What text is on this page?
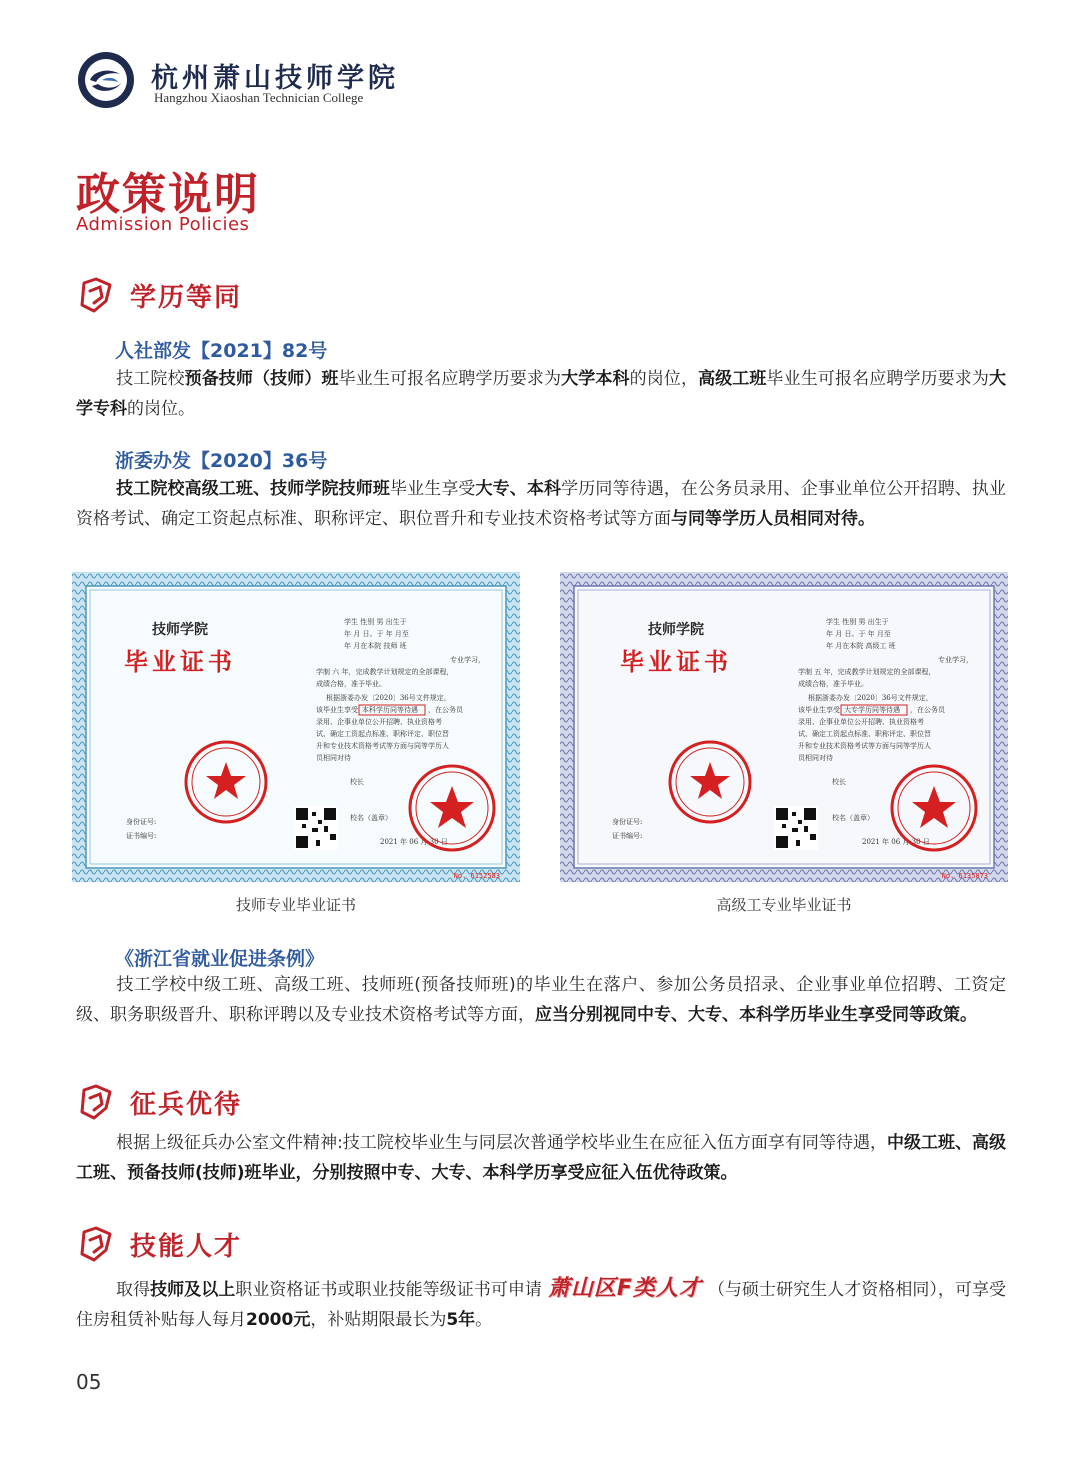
杭州萧山技师学院
Hangzhou Xiaoshan Technician College
政策说明
Admission Policies
学历等同
人社部发【2021】82号
技工院校预备技师（技师）班毕业生可报名应聘学历要求为大学本科的岗位，高级工班毕业生可报名应聘学历要求为大学专科的岗位。
浙委办发【2020】36号
技工院校高级工班、技师学院技师班毕业生享受大专、本科学历同等待遇，在公务员录用、企事业单位公开招聘、执业资格考试、确定工资起点标准、职称评定、职位晋升和专业技术资格考试等方面与同等学历人员相同对待。
技师学院
毕业证书
学生 性别 男 出生于
年 月 日。于 年 月至
年 月在本院 技师 班
专业学习，
学制 六 年，完成教学计划规定的全部课程，
成绩合格，准予毕业。
根据浙委办发〔2020〕36号文件规定，
该毕业生享受 本科学历同等待遇 ，在公务员
录用、企事业单位公开招聘、执业资格考
试、确定工资起点标准、职称评定、职位晋
升和专业技术资格考试等方面与同等学历人
员相同对待
校长
校名（盖章）
2021 年 06 月 30 日
身份证号:
证书编号:
No. 6152583
技师专业毕业证书
技师学院
毕业证书
学生 性别 男 出生于
年 月 日。于 年 月至
年 月在本院 高级工 班
专业学习，
学制 五 年，完成教学计划规定的全部课程，
成绩合格，准予毕业。
根据浙委办发〔2020〕36号文件规定，
该毕业生享受 大专学历同等待遇 ，在公务员
录用、企事业单位公开招聘、执业资格考
试、确定工资起点标准、职称评定、职位晋
升和专业技术资格考试等方面与同等学历人
员相同对待
校长
校名（盖章）
2021 年 06 月 30 日
身份证号:
证书编号:
No. 6135873
高级工专业毕业证书
《浙江省就业促进条例》
技工学校中级工班、高级工班、技师班(预备技师班)的毕业生在落户、参加公务员招录、企业事业单位招聘、工资定级、职务职级晋升、职称评聘以及专业技术资格考试等方面，应当分别视同中专、大专、本科学历毕业生享受同等政策。
征兵优待
根据上级征兵办公室文件精神:技工院校毕业生与同层次普通学校毕业生在应征入伍方面享有同等待遇，中级工班、高级工班、预备技师(技师)班毕业，分别按照中专、大专、本科学历享受应征入伍优待政策。
技能人才
取得技师及以上职业资格证书或职业技能等级证书可申请 萧山区F类人才 （与硕士研究生人才资格相同），可享受住房租赁补贴每人每月2000元，补贴期限最长为5年。
05
